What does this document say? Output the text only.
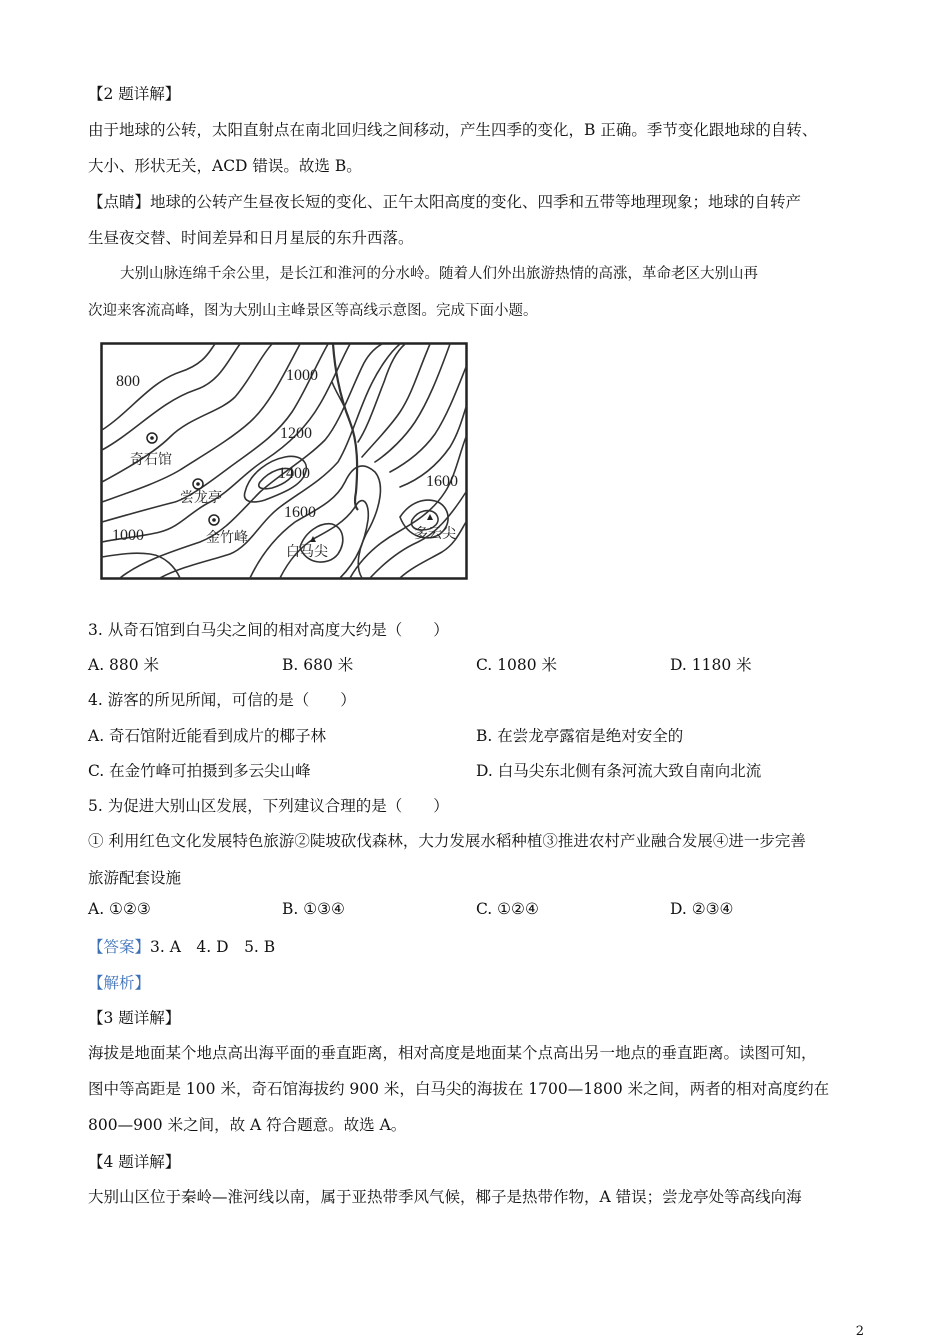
【2 题详解】
由于地球的公转，太阳直射点在南北回归线之间移动，产生四季的变化，B 正确。季节变化跟地球的自转、
大小、形状无关，ACD 错误。故选 B。
【点睛】地球的公转产生昼夜长短的变化、正午太阳高度的变化、四季和五带等地理现象；地球的自转产
生昼夜交替、时间差异和日月星辰的东升西落。
大别山脉连绵千余公里，是长江和淮河的分水岭。随着人们外出旅游热情的高涨，革命老区大别山再
次迎来客流高峰，图为大别山主峰景区等高线示意图。完成下面小题。
800	1000
1200
1400
1600
1600
1000
奇石馆
尝龙亭
金竹峰
白马尖
多云尖
3. 从奇石馆到白马尖之间的相对高度大约是（　　）
A. 880 米	B. 680 米	C. 1080 米	D. 1180 米
4. 游客的所见所闻，可信的是（　　）
A. 奇石馆附近能看到成片的椰子林	B. 在尝龙亭露宿是绝对安全的
C. 在金竹峰可拍摄到多云尖山峰	D. 白马尖东北侧有条河流大致自南向北流
5. 为促进大别山区发展，下列建议合理的是（　　）
① 利用红色文化发展特色旅游②陡坡砍伐森林，大力发展水稻种植③推进农村产业融合发展④进一步完善
旅游配套设施
A. ①②③	B. ①③④	C. ①②④	D. ②③④
【答案】3. A　4. D　5. B
【解析】
【3 题详解】
海拔是地面某个地点高出海平面的垂直距离，相对高度是地面某个点高出另一地点的垂直距离。读图可知，
图中等高距是 100 米，奇石馆海拔约 900 米，白马尖的海拔在 1700—1800 米之间，两者的相对高度约在
800—900 米之间，故 A 符合题意。故选 A。
【4 题详解】
大别山区位于秦岭—淮河线以南，属于亚热带季风气候，椰子是热带作物，A 错误；尝龙亭处等高线向海
2
